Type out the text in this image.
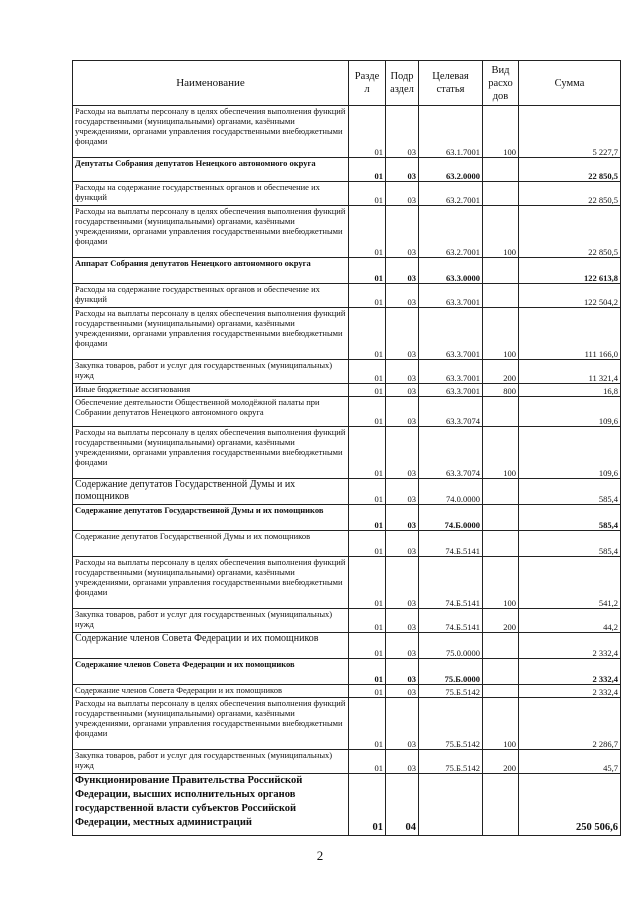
Наименование	Разде л	Подр аздел	Целевая статья	Вид расхо дов	Сумма
Расходы на выплаты персоналу в целях обеспечения выполнения функций государственными (муниципальными) органами, казёнными учреждениями, органами управления государственными внебюджетными фондами	01	03	63.1.7001	100	5 227,7
Депутаты Собрания депутатов Ненецкого автономного округа	01	03	63.2.0000		22 850,5
Расходы на содержание государственных органов и обеспечение их функций	01	03	63.2.7001		22 850,5
Расходы на выплаты персоналу в целях обеспечения выполнения функций государственными (муниципальными) органами, казёнными учреждениями, органами управления государственными внебюджетными фондами	01	03	63.2.7001	100	22 850,5
Аппарат Собрания депутатов Ненецкого автономного округа	01	03	63.3.0000		122 613,8
Расходы на содержание государственных органов и обеспечение их функций	01	03	63.3.7001		122 504,2
Расходы на выплаты персоналу в целях обеспечения выполнения функций государственными (муниципальными) органами, казёнными учреждениями, органами управления государственными внебюджетными фондами	01	03	63.3.7001	100	111 166,0
Закупка товаров, работ и услуг для государственных (муниципальных) нужд	01	03	63.3.7001	200	11 321,4
Иные бюджетные ассигнования	01	03	63.3.7001	800	16,8
Обеспечение деятельности Общественной молодёжной палаты при Собрании депутатов Ненецкого автономного округа	01	03	63.3.7074		109,6
Расходы на выплаты персоналу в целях обеспечения выполнения функций государственными (муниципальными) органами, казёнными учреждениями, органами управления государственными внебюджетными фондами	01	03	63.3.7074	100	109,6
Содержание депутатов Государственной Думы и их помощников	01	03	74.0.0000		585,4
Содержание депутатов Государственной Думы и их помощников	01	03	74.Б.0000		585,4
Содержание депутатов Государственной Думы и их помощников	01	03	74.Б.5141		585,4
Расходы на выплаты персоналу в целях обеспечения выполнения функций государственными (муниципальными) органами, казёнными учреждениями, органами управления государственными внебюджетными фондами	01	03	74.Б.5141	100	541,2
Закупка товаров, работ и услуг для государственных (муниципальных) нужд	01	03	74.Б.5141	200	44,2
Содержание членов Совета Федерации и их помощников	01	03	75.0.0000		2 332,4
Содержание членов Совета Федерации и их помощников	01	03	75.Б.0000		2 332,4
Содержание членов Совета Федерации и их помощников	01	03	75.Б.5142		2 332,4
Расходы на выплаты персоналу в целях обеспечения выполнения функций государственными (муниципальными) органами, казёнными учреждениями, органами управления государственными внебюджетными фондами	01	03	75.Б.5142	100	2 286,7
Закупка товаров, работ и услуг для государственных (муниципальных) нужд	01	03	75.Б.5142	200	45,7
Функционирование Правительства Российской Федерации, высших исполнительных органов государственной власти субъектов Российской Федерации, местных администраций	01	04			250 506,6
2
